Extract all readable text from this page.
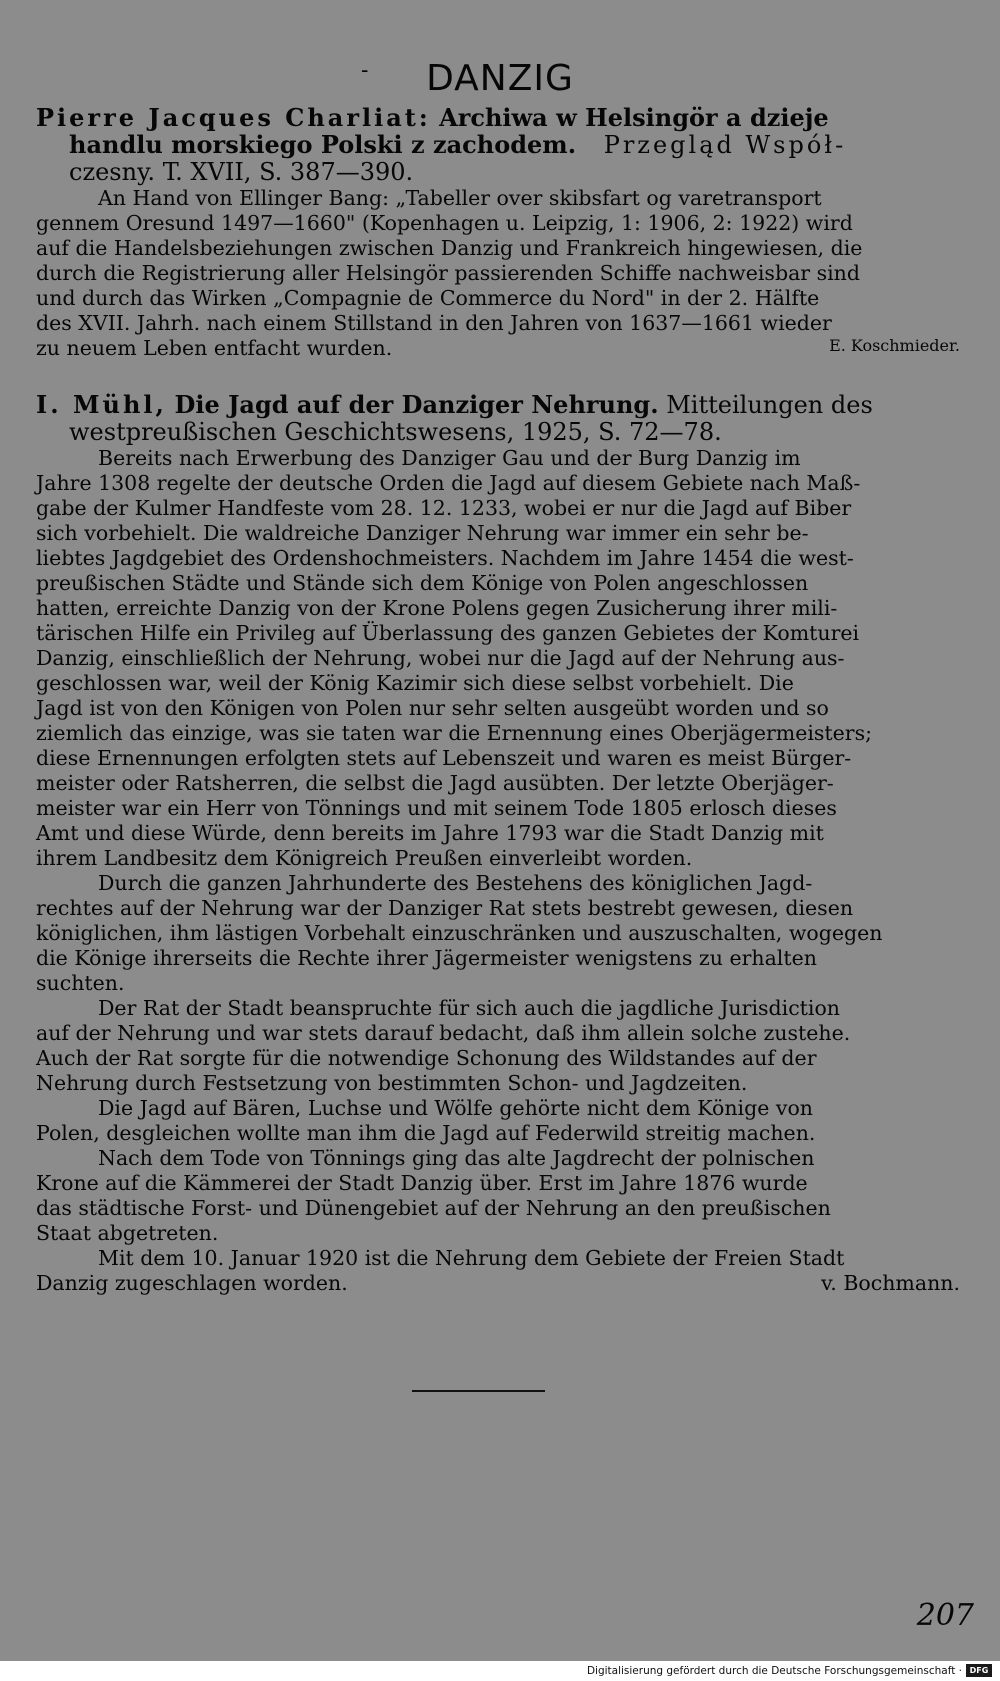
-	DANZIG
Pierre Jacques Charliat: Archiwa w Helsingör a dzieje
handlu morskiego Polski z zachodem. Przegląd Współ-
czesny. T. XVII, S. 387—390.
An Hand von Ellinger Bang: „Tabeller over skibsfart og varetransport
gennem Oresund 1497—1660" (Kopenhagen u. Leipzig, 1: 1906, 2: 1922) wird
auf die Handelsbeziehungen zwischen Danzig und Frankreich hingewiesen, die
durch die Registrierung aller Helsingör passierenden Schiffe nachweisbar sind
und durch das Wirken „Compagnie de Commerce du Nord" in der 2. Hälfte
des XVII. Jahrh. nach einem Stillstand in den Jahren von 1637—1661 wieder
zu neuem Leben entfacht wurden.	E. Koschmieder.
I. Mühl, Die Jagd auf der Danziger Nehrung. Mitteilungen des
westpreußischen Geschichtswesens, 1925, S. 72—78.
Bereits nach Erwerbung des Danziger Gau und der Burg Danzig im
Jahre 1308 regelte der deutsche Orden die Jagd auf diesem Gebiete nach Maß-
gabe der Kulmer Handfeste vom 28. 12. 1233, wobei er nur die Jagd auf Biber
sich vorbehielt. Die waldreiche Danziger Nehrung war immer ein sehr be-
liebtes Jagdgebiet des Ordenshochmeisters. Nachdem im Jahre 1454 die west-
preußischen Städte und Stände sich dem Könige von Polen angeschlossen
hatten, erreichte Danzig von der Krone Polens gegen Zusicherung ihrer mili-
tärischen Hilfe ein Privileg auf Überlassung des ganzen Gebietes der Komturei
Danzig, einschließlich der Nehrung, wobei nur die Jagd auf der Nehrung aus-
geschlossen war, weil der König Kazimir sich diese selbst vorbehielt. Die
Jagd ist von den Königen von Polen nur sehr selten ausgeübt worden und so
ziemlich das einzige, was sie taten war die Ernennung eines Oberjägermeisters;
diese Ernennungen erfolgten stets auf Lebenszeit und waren es meist Bürger-
meister oder Ratsherren, die selbst die Jagd ausübten. Der letzte Oberjäger-
meister war ein Herr von Tönnings und mit seinem Tode 1805 erlosch dieses
Amt und diese Würde, denn bereits im Jahre 1793 war die Stadt Danzig mit
ihrem Landbesitz dem Königreich Preußen einverleibt worden.
Durch die ganzen Jahrhunderte des Bestehens des königlichen Jagd-
rechtes auf der Nehrung war der Danziger Rat stets bestrebt gewesen, diesen
königlichen, ihm lästigen Vorbehalt einzuschränken und auszuschalten, wogegen
die Könige ihrerseits die Rechte ihrer Jägermeister wenigstens zu erhalten
suchten.
Der Rat der Stadt beanspruchte für sich auch die jagdliche Jurisdiction
auf der Nehrung und war stets darauf bedacht, daß ihm allein solche zustehe.
Auch der Rat sorgte für die notwendige Schonung des Wildstandes auf der
Nehrung durch Festsetzung von bestimmten Schon- und Jagdzeiten.
Die Jagd auf Bären, Luchse und Wölfe gehörte nicht dem Könige von
Polen, desgleichen wollte man ihm die Jagd auf Federwild streitig machen.
Nach dem Tode von Tönnings ging das alte Jagdrecht der polnischen
Krone auf die Kämmerei der Stadt Danzig über. Erst im Jahre 1876 wurde
das städtische Forst- und Dünengebiet auf der Nehrung an den preußischen
Staat abgetreten.
Mit dem 10. Januar 1920 ist die Nehrung dem Gebiete der Freien Stadt
Danzig zugeschlagen worden.	v. Bochmann.
207
Digitalisierung gefördert durch die Deutsche Forschungsgemeinschaft · DFG
